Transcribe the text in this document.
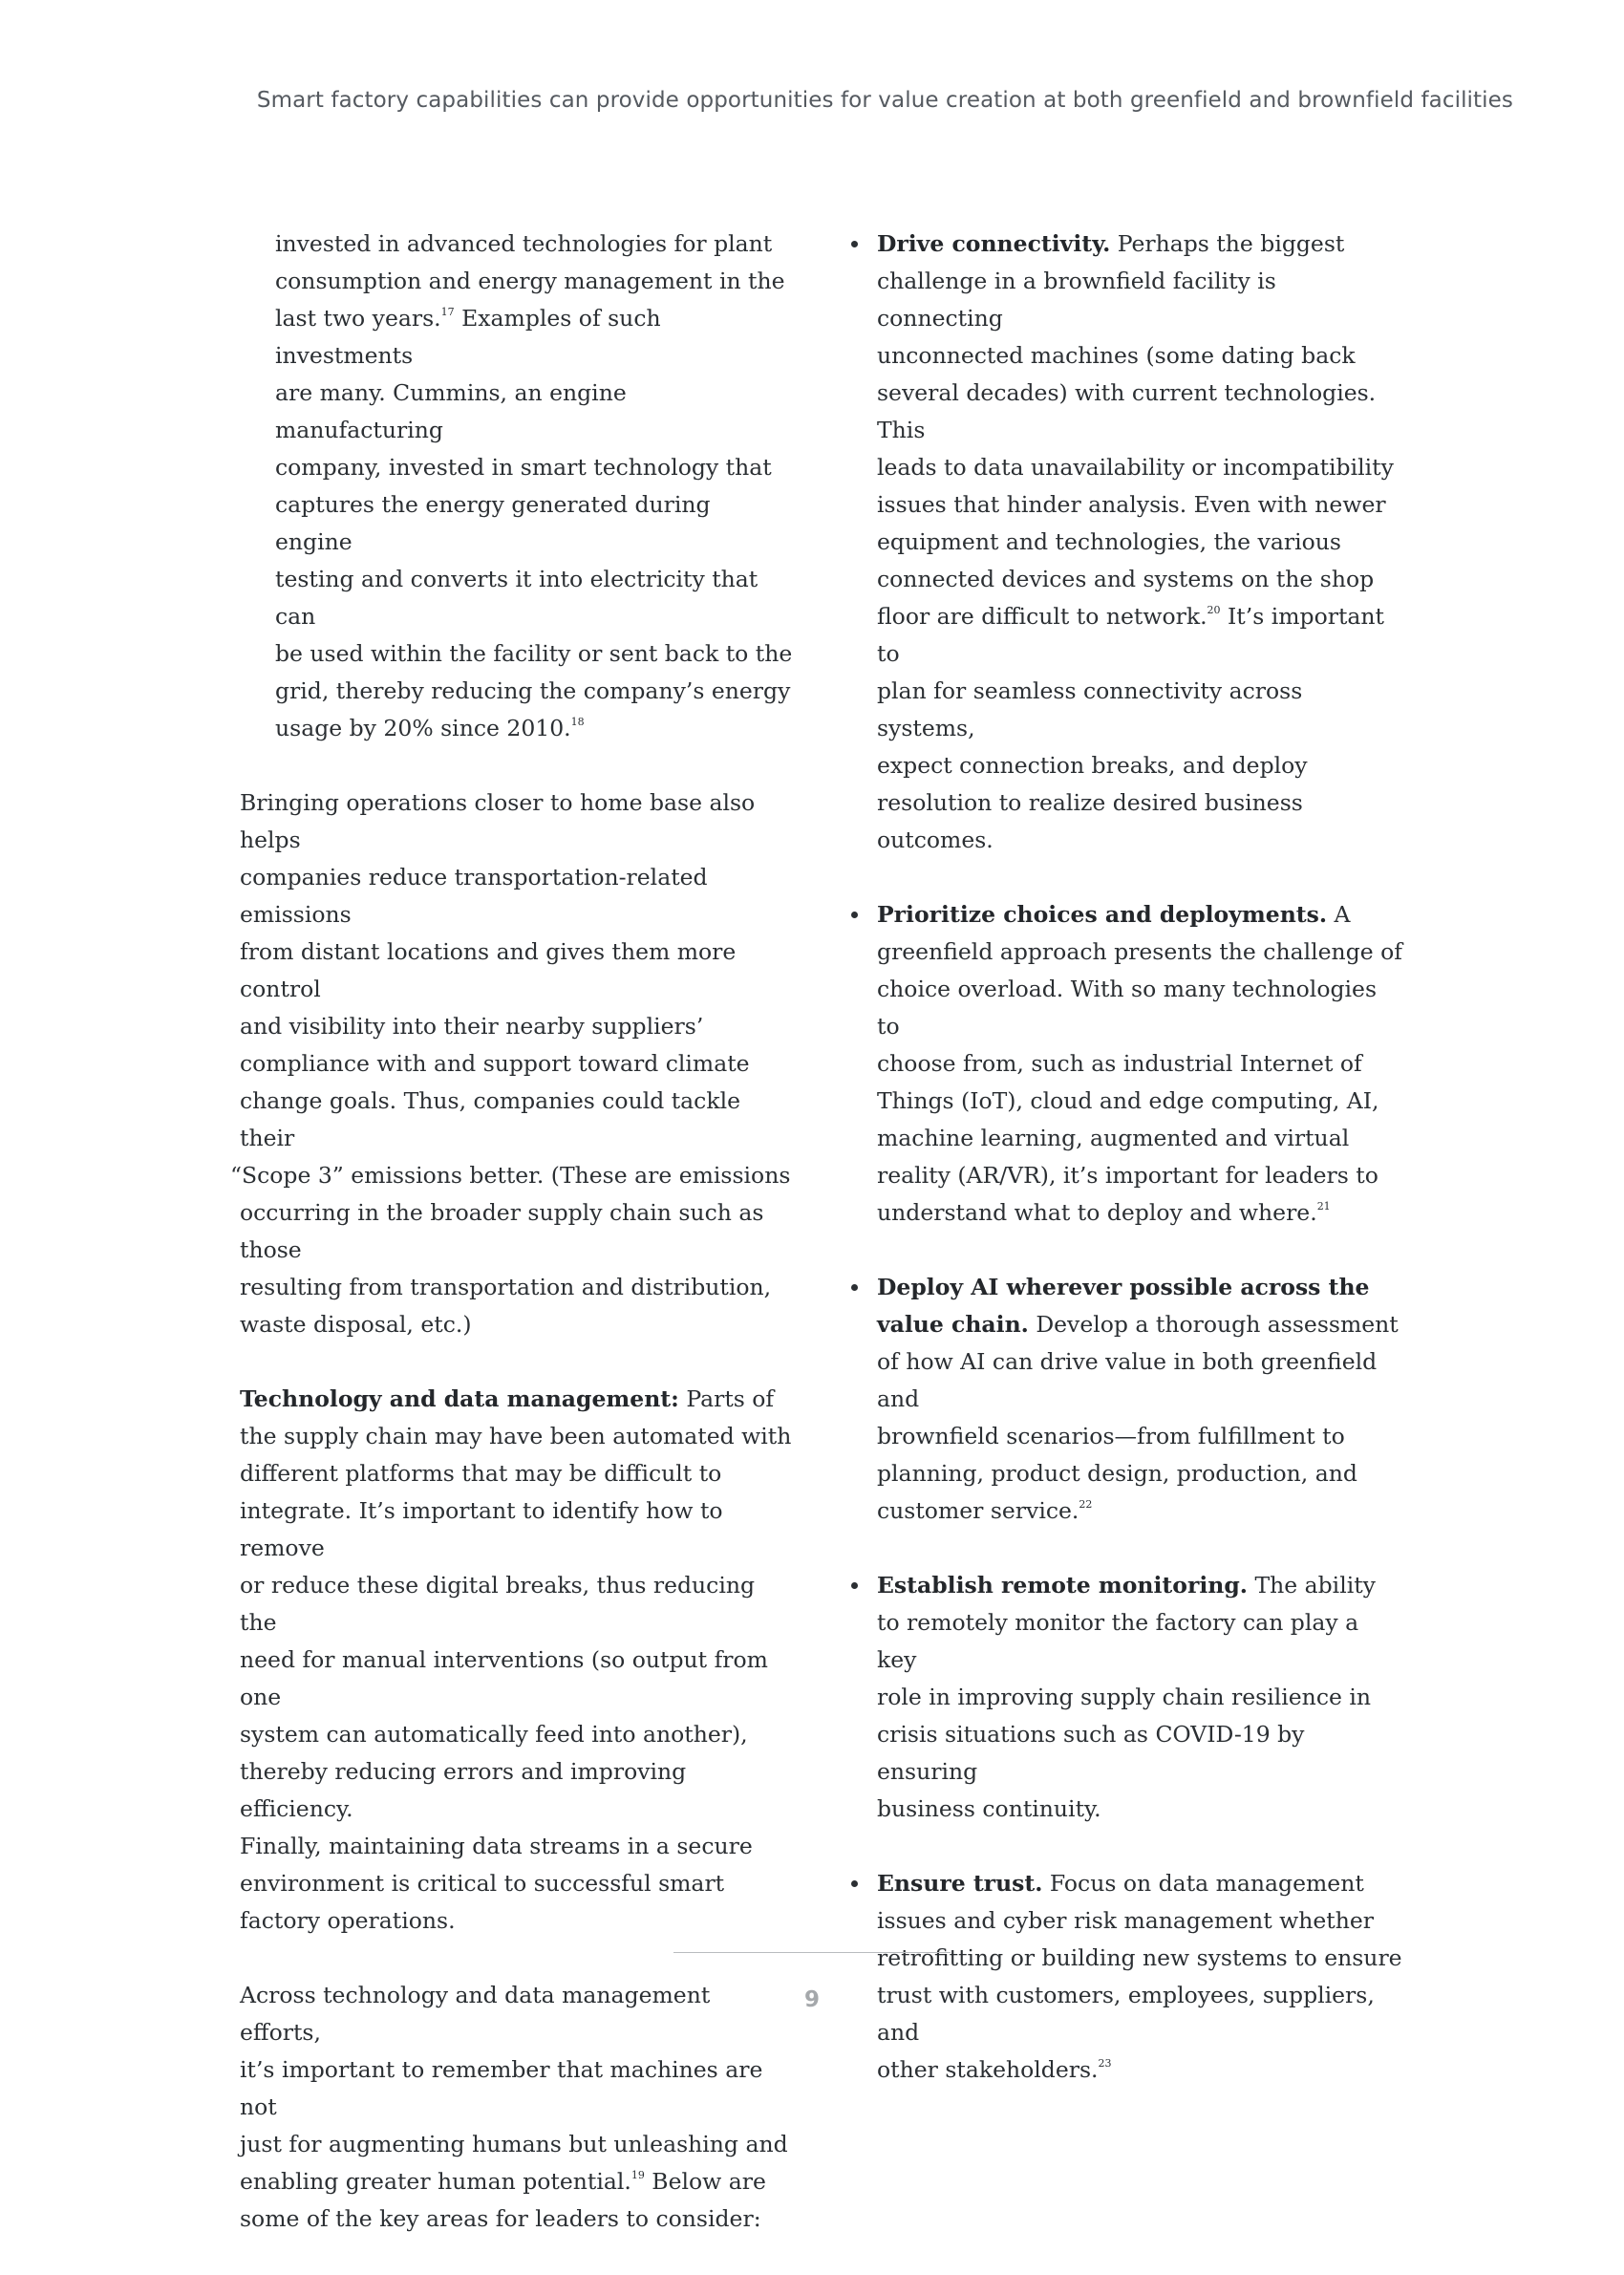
Smart factory capabilities can provide opportunities for value creation at both greenfield and brownfield facilities

invested in advanced technologies for plant
consumption and energy management in the
last two years.$^{17}$ Examples of such investments
are many. Cummins, an engine manufacturing
company, invested in smart technology that
captures the energy generated during engine
testing and converts it into electricity that can
be used within the facility or sent back to the
grid, thereby reducing the company’s energy
usage by 20% since 2010.18

Bringing operations closer to home base also helps
companies reduce transportation-related emissions
from distant locations and gives them more control
and visibility into their nearby suppliers’
compliance with and support toward climate
change goals. Thus, companies could tackle their
“Scope 3” emissions better. (These are emissions
occurring in the broader supply chain such as those
resulting from transportation and distribution,
waste disposal, etc.)

Technology and data management: Parts of
the supply chain may have been automated with
different platforms that may be difficult to
integrate. It’s important to identify how to remove
or reduce these digital breaks, thus reducing the
need for manual interventions (so output from one
system can automatically feed into another),
thereby reducing errors and improving efficiency.
Finally, maintaining data streams in a secure
environment is critical to successful smart
factory operations.

Across technology and data management efforts,
it’s important to remember that machines are not
just for augmenting humans but unleashing and
enabling greater human potential.$^{19}$ Below are
some of the key areas for leaders to consider:

Drive connectivity. Perhaps the biggest
challenge in a brownfield facility is connecting
unconnected machines (some dating back
several decades) with current technologies. This
leads to data unavailability or incompatibility
issues that hinder analysis. Even with newer
equipment and technologies, the various
connected devices and systems on the shop
floor are difficult to network.$^{20}$ It’s important to
plan for seamless connectivity across systems,
expect connection breaks, and deploy
resolution to realize desired business outcomes.
Prioritize choices and deployments. A
greenfield approach presents the challenge of
choice overload. With so many technologies to
choose from, such as industrial Internet of
Things (IoT), cloud and edge computing, AI,
machine learning, augmented and virtual
reality (AR/VR), it’s important for leaders to
understand what to deploy and where.$^{21}$
Deploy AI wherever possible across the
value chain. Develop a thorough assessment
of how AI can drive value in both greenfield and
brownfield scenarios—from fulfillment to
planning, product design, production, and
customer service.$^{22}$
Establish remote monitoring. The ability
to remotely monitor the factory can play a key
role in improving supply chain resilience in
crisis situations such as COVID-19 by ensuring
business continuity.
Ensure trust. Focus on data management
issues and cyber risk management whether
retrofitting or building new systems to ensure
trust with customers, employees, suppliers, and
other stakeholders.$^{23}$
9
